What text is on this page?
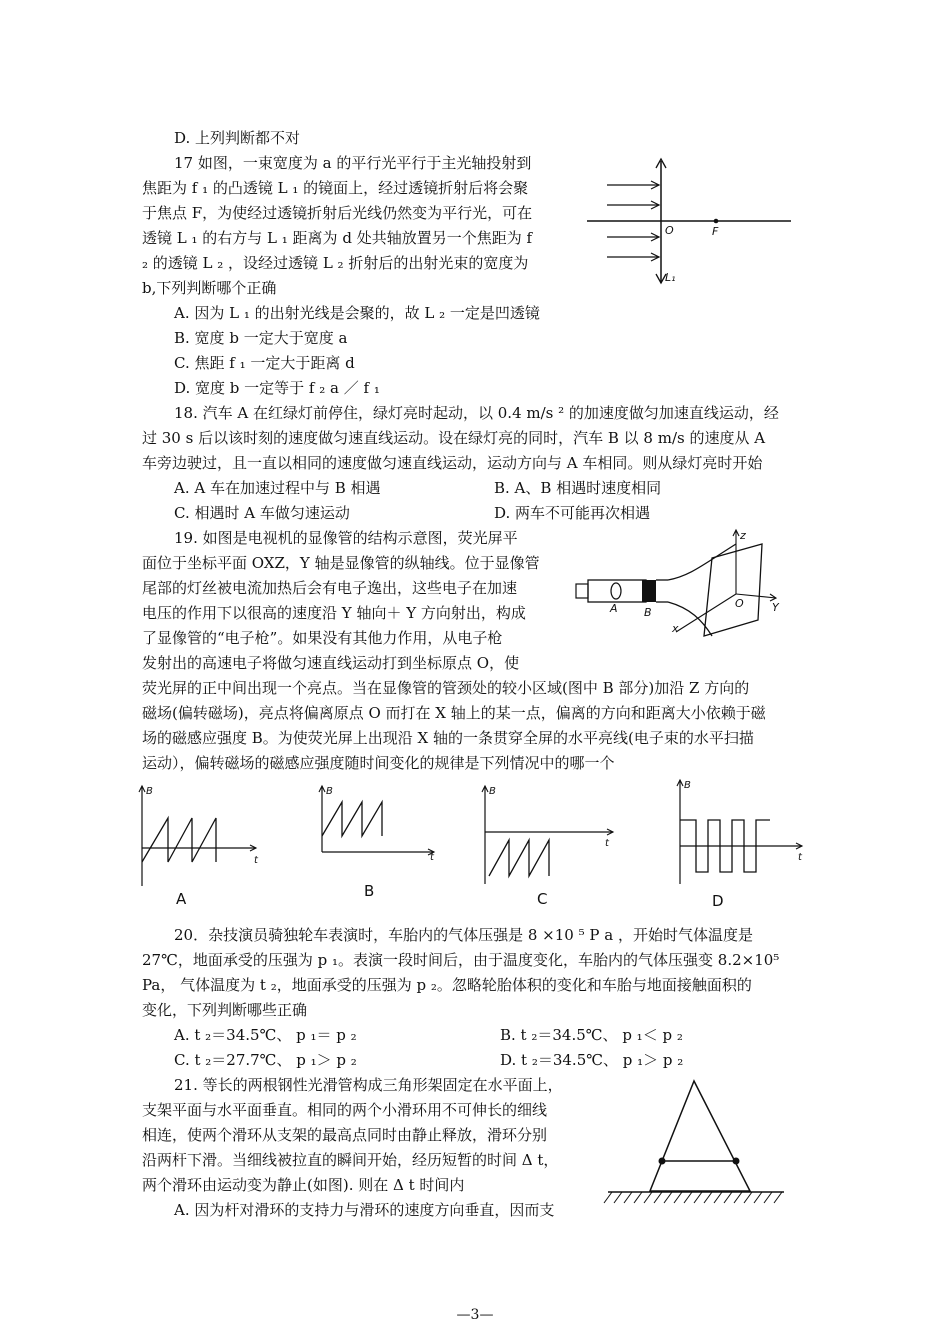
D. 上列判断都不对
17 如图，一束宽度为 a 的平行光平行于主光轴投射到
焦距为 f ₁ 的凸透镜 L ₁ 的镜面上，经过透镜折射后将会聚
于焦点 F，为使经过透镜折射后光线仍然变为平行光，可在
透镜 L ₁ 的右方与 L ₁ 距离为 d 处共轴放置另一个焦距为 f
₂ 的透镜 L ₂ ，设经过透镜 L ₂ 折射后的出射光束的宽度为
b,下列判断哪个正确
A. 因为 L ₁ 的出射光线是会聚的，故 L ₂ 一定是凹透镜
B. 宽度 b 一定大于宽度 a
C. 焦距 f ₁ 一定大于距离 d
D. 宽度 b 一定等于 f ₂ a ／ f ₁
18. 汽车 A 在红绿灯前停住，绿灯亮时起动，以 0.4 m/s ² 的加速度做匀加速直线运动，经
过 30 s 后以该时刻的速度做匀速直线运动。设在绿灯亮的同时，汽车 B 以 8 m/s 的速度从 A
车旁边驶过，且一直以相同的速度做匀速直线运动，运动方向与 A 车相同。则从绿灯亮时开始
A. A 车在加速过程中与 B 相遇	B. A、B 相遇时速度相同
C. 相遇时 A 车做匀速运动	D. 两车不可能再次相遇
19. 如图是电视机的显像管的结构示意图，荧光屏平
面位于坐标平面 OXZ，Y 轴是显像管的纵轴线。位于显像管
尾部的灯丝被电流加热后会有电子逸出，这些电子在加速
电压的作用下以很高的速度沿 Y 轴向＋ Y 方向射出，构成
了显像管的“电子枪”。如果没有其他力作用，从电子枪
发射出的高速电子将做匀速直线运动打到坐标原点 O，使
荧光屏的正中间出现一个亮点。当在显像管的管颈处的较小区域(图中 B 部分)加沿 Z 方向的
磁场(偏转磁场)，亮点将偏离原点 O 而打在 X 轴上的某一点，偏离的方向和距离大小依赖于磁
场的磁感应强度 B。为使荧光屏上出现沿 X 轴的一条贯穿全屏的水平亮线(电子束的水平扫描
运动），偏转磁场的磁感应强度随时间变化的规律是下列情况中的哪一个
20．杂技演员骑独轮车表演时，车胎内的气体压强是 8 ×10 ⁵ P a ，开始时气体温度是
27℃，地面承受的压强为 p ₁。表演一段时间后，由于温度变化，车胎内的气体压强变 8.2×10⁵
Pa， 气体温度为 t ₂，地面承受的压强为 p ₂。忽略轮胎体积的变化和车胎与地面接触面积的
变化，下列判断哪些正确
A. t ₂＝34.5℃、 p ₁＝ p ₂	B. t ₂＝34.5℃、 p ₁＜ p ₂
C. t ₂＝27.7℃、 p ₁＞ p ₂	D. t ₂＝34.5℃、 p ₁＞ p ₂
21. 等长的两根钢性光滑管构成三角形架固定在水平面上，
支架平面与水平面垂直。相同的两个小滑环用不可伸长的细线
相连，使两个滑环从支架的最高点同时由静止释放，滑环分别
沿两杆下滑。当细线被拉直的瞬间开始，经历短暂的时间 Δ t，
两个滑环由运动变为静止(如图). 则在 Δ t 时间内
A. 因为杆对滑环的支持力与滑环的速度方向垂直，因而支
O	F
L₁
z
Y
x
O
A B
B
t
A
B
t
B
B
t
C
B
t
D
—3—
